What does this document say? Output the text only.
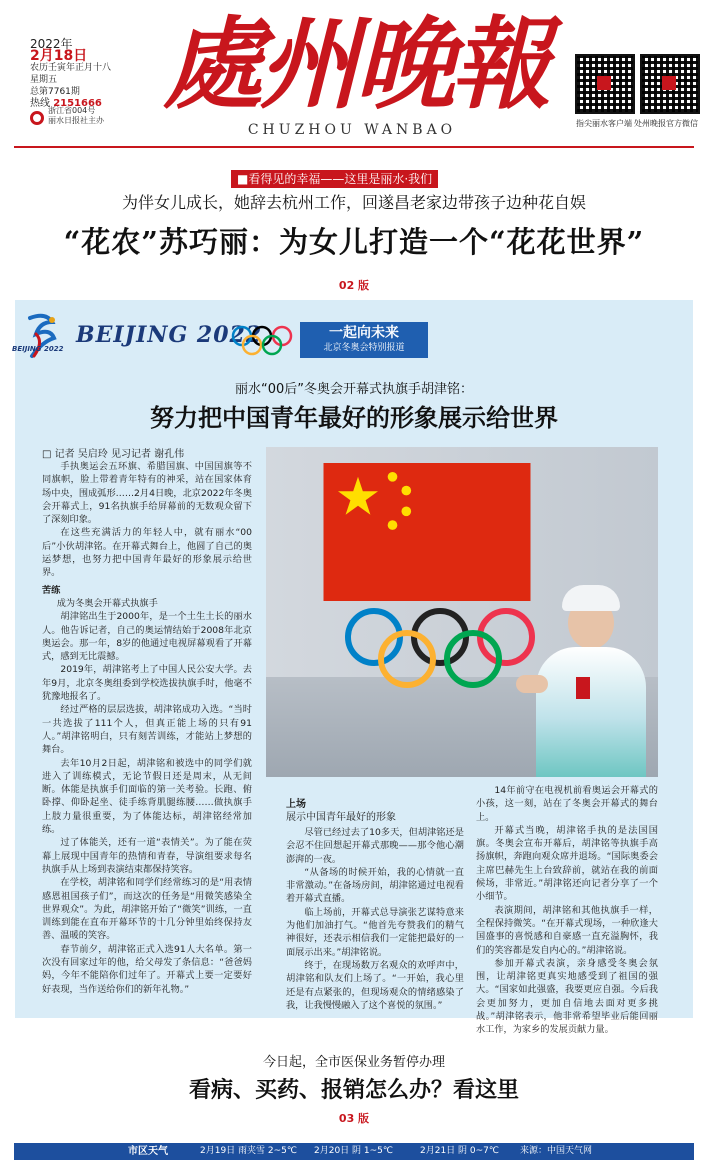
2022年
2月18日
农历壬寅年正月十八
星期五
总第7761期
热线 2151666
浙江省004号
丽水日报社主办 處州晚報
CHUZHOU WANBAO	指尖丽水客户端 处州晚报官方微信
■看得见的幸福——这里是丽水·我们
为伴女儿成长，她辞去杭州工作，回遂昌老家边带孩子边种花自娱
“花农”苏巧丽：为女儿打造一个“花花世界”
02 版
BEIJING 2022
BEIJING 2022	一起向未来
北京冬奥会特别报道
丽水“00后”冬奥会开幕式执旗手胡津铭：
努力把中国青年最好的形象展示给世界
□ 记者 吴启玲 见习记者 谢孔伟

手执奥运会五环旗、希腊国旗、中国国旗等不同旗帜，脸上带着青年特有的神采，站在国家体育场中央，围成弧形……2月4日晚，北京2022年冬奥会开幕式上，91名执旗手给屏幕前的无数观众留下了深刻印象。

在这些充满活力的年轻人中，就有丽水“00后”小伙胡津铭。在开幕式舞台上，他圆了自己的奥运梦想，也努力把中国青年最好的形象展示给世界。

苦练

成为冬奥会开幕式执旗手

胡津铭出生于2000年，是一个土生土长的丽水人。他告诉记者，自己的奥运情结始于2008年北京奥运会。那一年，8岁的他通过电视屏幕观看了开幕式，感到无比震撼。

2019年，胡津铭考上了中国人民公安大学。去年9月，北京冬奥组委到学校选拔执旗手时，他毫不犹豫地报名了。

经过严格的层层选拔，胡津铭成功入选。“当时一共选拔了111个人，但真正能上场的只有91人。”胡津铭明白，只有刻苦训练，才能站上梦想的舞台。

去年10月2日起，胡津铭和被选中的同学们就进入了训练模式，无论节假日还是周末，从无间断。体能是执旗手们面临的第一关考验。长跑、俯卧撑、仰卧起坐、徒手练背肌腿练腰……做执旗手上肢力量很重要，为了体能达标，胡津铭经常加练。

过了体能关，还有一道“表情关”。为了能在荧幕上展现中国青年的热情和青春，导演组要求每名执旗手从上场到表演结束都保持笑容。

在学校，胡津铭和同学们经常练习的是“用表情感恩祖国孩子们”，而这次的任务是“用微笑感染全世界观众”。为此，胡津铭开始了“微笑”训练，一直训练到能在直布开幕环节的十几分钟里始终保持友善、温暖的笑容。

春节前夕，胡津铭正式入选91人大名单。第一次没有回家过年的他，给父母发了条信息：“爸爸妈妈，今年不能陪你们过年了。开幕式上要一定要好好表现，当作送给你们的新年礼物。”

上场
展示中国青年最好的形象

尽管已经过去了10多天，但胡津铭还是会忍不住回想起开幕式那晚——那令他心潮澎湃的一夜。

“从备场的时候开始，我的心情就一直非常激动。”在备场房间，胡津铭通过电视看着开幕式直播。

临上场前，开幕式总导演张艺谋特意来为他们加油打气。“他首先夸赞我们的精气神很好，还表示相信我们一定能把最好的一面展示出来。”胡津铭说。

终于，在现场数万名观众的欢呼声中，胡津铭和队友们上场了。“一开始，我心里还是有点紧张的，但现场观众的情绪感染了我，让我慢慢融入了这个喜悦的氛围。”

14年前守在电视机前看奥运会开幕式的小孩，这一刻，站在了冬奥会开幕式的舞台上。

开幕式当晚，胡津铭手执的是法国国旗。冬奥会宣布开幕后，胡津铭等执旗手高扬旗帜，奔跑向观众席并退场。“国际奥委会主席巴赫先生上台致辞前，就站在我的前面候场，非常近。”胡津铭还向记者分享了一个小细节。

表演期间，胡津铭和其他执旗手一样，全程保持微笑。“在开幕式现场，一种欣逢大国盛事的喜悦感和自豪感一直充溢胸怀，我们的笑容都是发自内心的。”胡津铭说。

参加开幕式表演，亲身感受冬奥会氛围，让胡津铭更真实地感受到了祖国的强大。“国家如此强盛，我要更应自强。今后我会更加努力，更加自信地去面对更多挑战。”胡津铭表示，他非常希望毕业后能回丽水工作，为家乡的发展贡献力量。

今日起，全市医保业务暂停办理
看病、买药、报销怎么办？看这里
03 版
市区天气	2月19日 雨夹雪 2~5℃ 2月20日 阴 1~5℃	2月21日 阴 0~7℃ 来源：中国天气网
